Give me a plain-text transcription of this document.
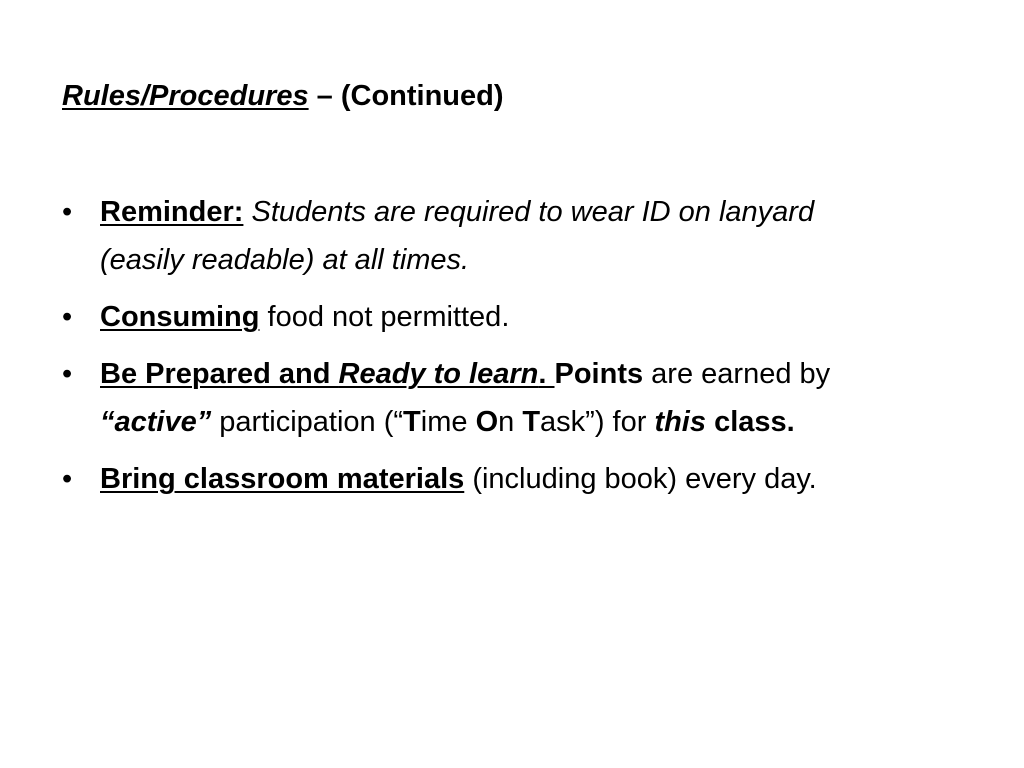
Rules/Procedures – (Continued)
• Reminder: Students are required to wear ID on lanyard (easily readable) at all times.
• Consuming food not permitted.
• Be Prepared and Ready to learn. Points are earned by “active” participation (“Time On Task”) for this class.
• Bring classroom materials (including book) every day.
